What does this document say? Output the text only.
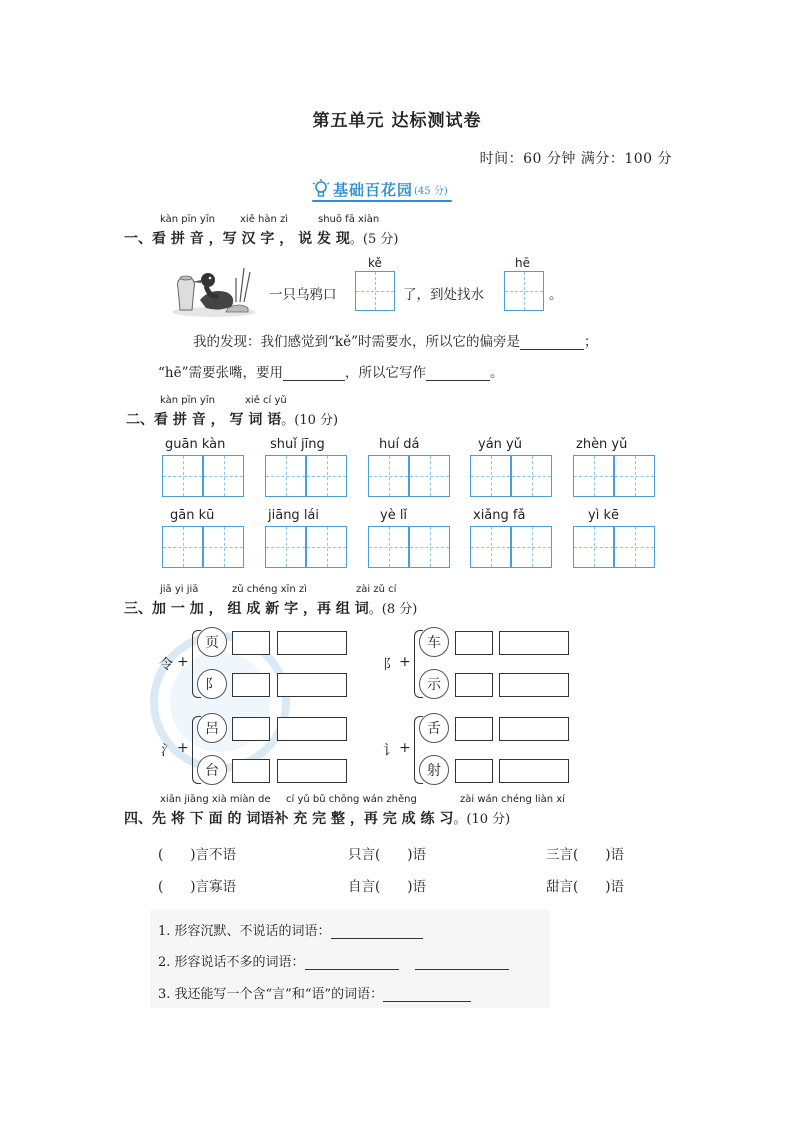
第五单元 达标测试卷
时间：60 分钟 满分：100 分
基础百花园 (45 分)
kàn pīn yīn	xiě hàn zì	shuō fā xiàn
一、看 拼 音 ，写 汉 字 ， 说 发 现。(5 分)
一只乌鸦口
kě
了，到处找水
hē
。
我的发现：我们感觉到“kě”时需要水，所以它的偏旁是	；
“hē”需要张嘴，要用	，所以它写作	。
kàn pīn yīn	xiě cí yǔ
二、看 拼 音 ， 写 词 语。(10 分)
guān kàn	shuǐ jīng	huí dá	yán yǔ	zhèn yǔ
gān kū	jiāng lái	yè lǐ	xiǎng fǎ	yì kē
jiā yi jiā	zǔ chéng xīn zì	zài zǔ cí
三、加 一 加 ， 组 成 新 字 ，再 组 词。(8 分)
令 +
页
阝
阝 +
车
示
氵 +
呂
台
讠 +
舌
射
xiān jiāng xià miàn de cí yǔ bǔ chōng wán zhěng	zài wán chéng liàn xí
四、先 将 下 面 的 词语补 充 完 整 ，再 完 成 练 习。(10 分)
(　　)言不语	只言(　　)语	三言(　　)语
(　　)言寡语	自言(　　)语	甜言(　　)语
1. 形容沉默、不说话的词语：
2. 形容说话不多的词语：
3. 我还能写一个含“言”和“语”的词语：
